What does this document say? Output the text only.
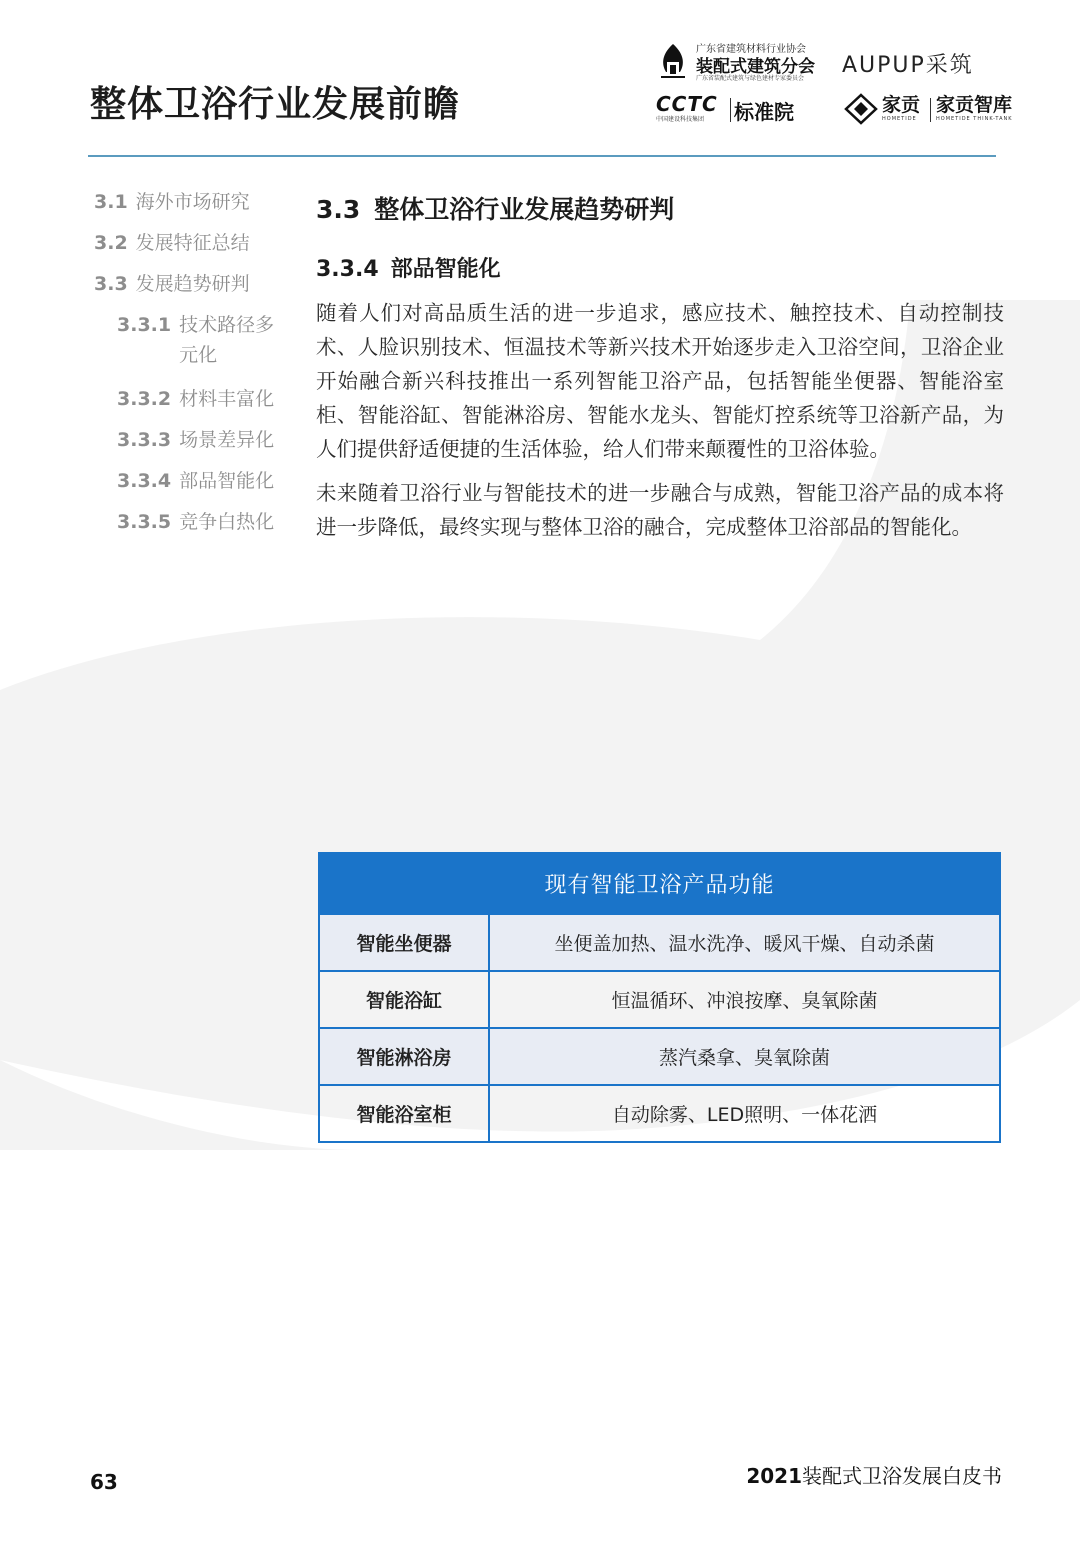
整体卫浴行业发展前瞻
广东省建筑材料行业协会
装配式建筑分会
广东省装配式建筑与绿色建材专家委员会
AUPUP采筑
CCTC
中国建设科技集团	标准院	家贡
HOMETIDE
家贡智库
HOMETIDE THINK-TANK
3.1 海外市场研究
3.2 发展特征总结
3.3 发展趋势研判
3.3.1 技术路径多元化
3.3.2 材料丰富化
3.3.3 场景差异化
3.3.4 部品智能化
3.3.5 竞争白热化
3.3 整体卫浴行业发展趋势研判
3.3.4 部品智能化

随着人们对高品质生活的进一步追求，感应技术、触控技术、自动控制技术、人脸识别技术、恒温技术等新兴技术开始逐步走入卫浴空间，卫浴企业开始融合新兴科技推出一系列智能卫浴产品，包括智能坐便器、智能浴室柜、智能浴缸、智能淋浴房、智能水龙头、智能灯控系统等卫浴新产品，为人们提供舒适便捷的生活体验，给人们带来颠覆性的卫浴体验。

未来随着卫浴行业与智能技术的进一步融合与成熟，智能卫浴产品的成本将进一步降低，最终实现与整体卫浴的融合，完成整体卫浴部品的智能化。

现有智能卫浴产品功能	
智能坐便器	坐便盖加热、温水洗净、暖风干燥、自动杀菌
智能浴缸	恒温循环、冲浪按摩、臭氧除菌
智能淋浴房	蒸汽桑拿、臭氧除菌
智能浴室柜	自动除雾、LED照明、一体花洒
63	2021装配式卫浴发展白皮书
